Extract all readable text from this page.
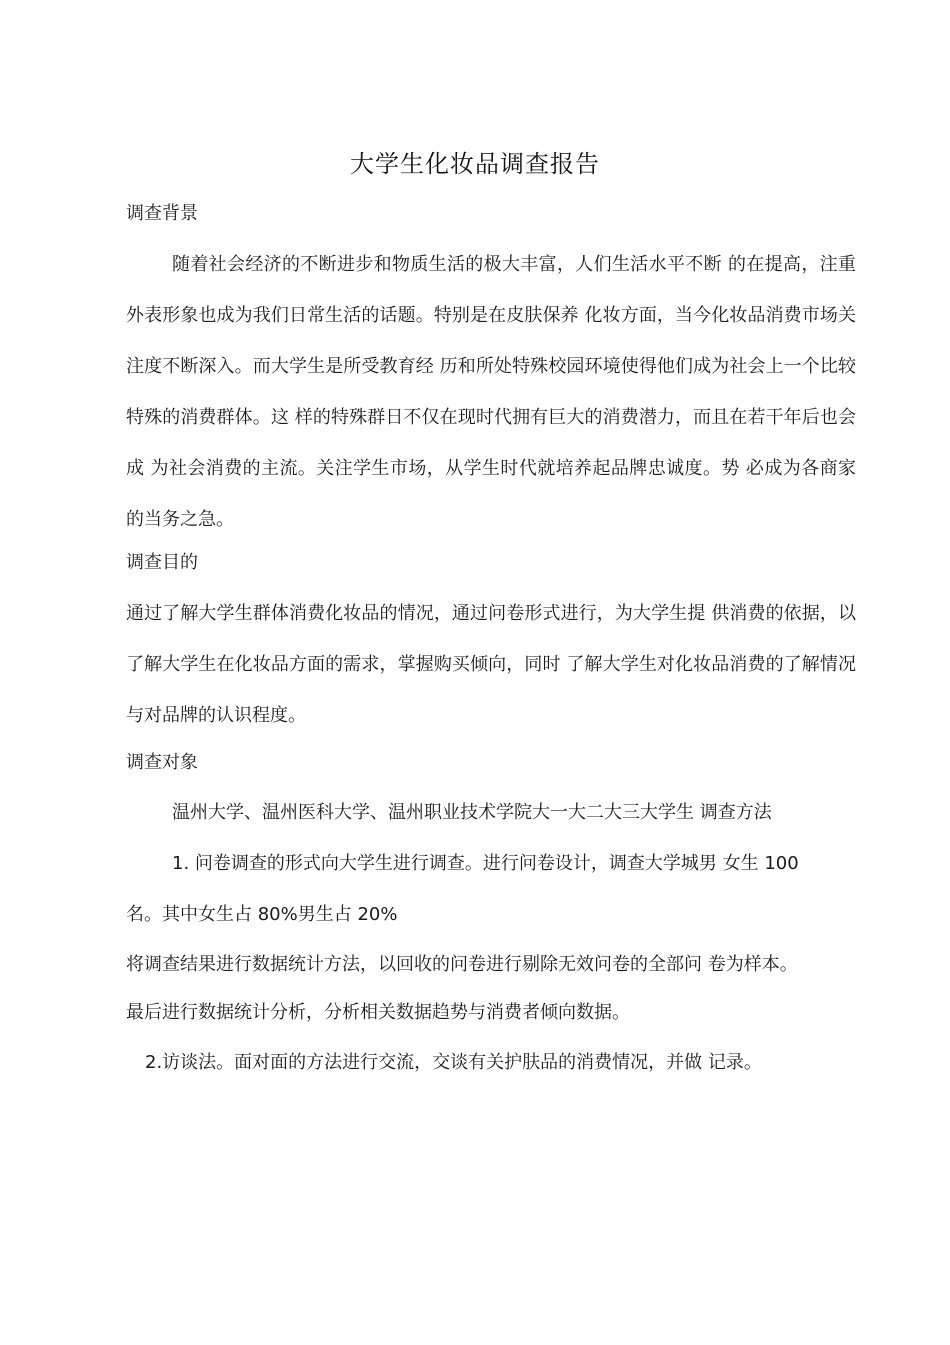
大学生化妆品调查报告
调查背景

随着社会经济的不断进步和物质生活的极大丰富，人们生活水平不断 的在提高，注重外表形象也成为我们日常生活的话题。特别是在皮肤保养 化妆方面，当今化妆品消费市场关注度不断深入。而大学生是所受教育经 历和所处特殊校园环境使得他们成为社会上一个比较特殊的消费群体。这 样的特殊群日不仅在现时代拥有巨大的消费潜力，而且在若干年后也会成 为社会消费的主流。关注学生市场，从学生时代就培养起品牌忠诚度。势 必成为各商家的当务之急。

调查目的

通过了解大学生群体消费化妆品的情况，通过问卷形式进行，为大学生提 供消费的依据，以了解大学生在化妆品方面的需求，掌握购买倾向，同时 了解大学生对化妆品消费的了解情况与对品牌的认识程度。

调查对象
温州大学、温州医科大学、温州职业技术学院大一大二大三大学生 调查方法
1. 问卷调查的形式向大学生进行调查。进行问卷设计，调查大学城男 女生 100
名。其中女生占 80%男生占 20%
将调查结果进行数据统计方法，以回收的问卷进行剔除无效问卷的全部问 卷为样本。
最后进行数据统计分析，分析相关数据趋势与消费者倾向数据。
2.访谈法。面对面的方法进行交流，交谈有关护肤品的消费情况，并做 记录。
